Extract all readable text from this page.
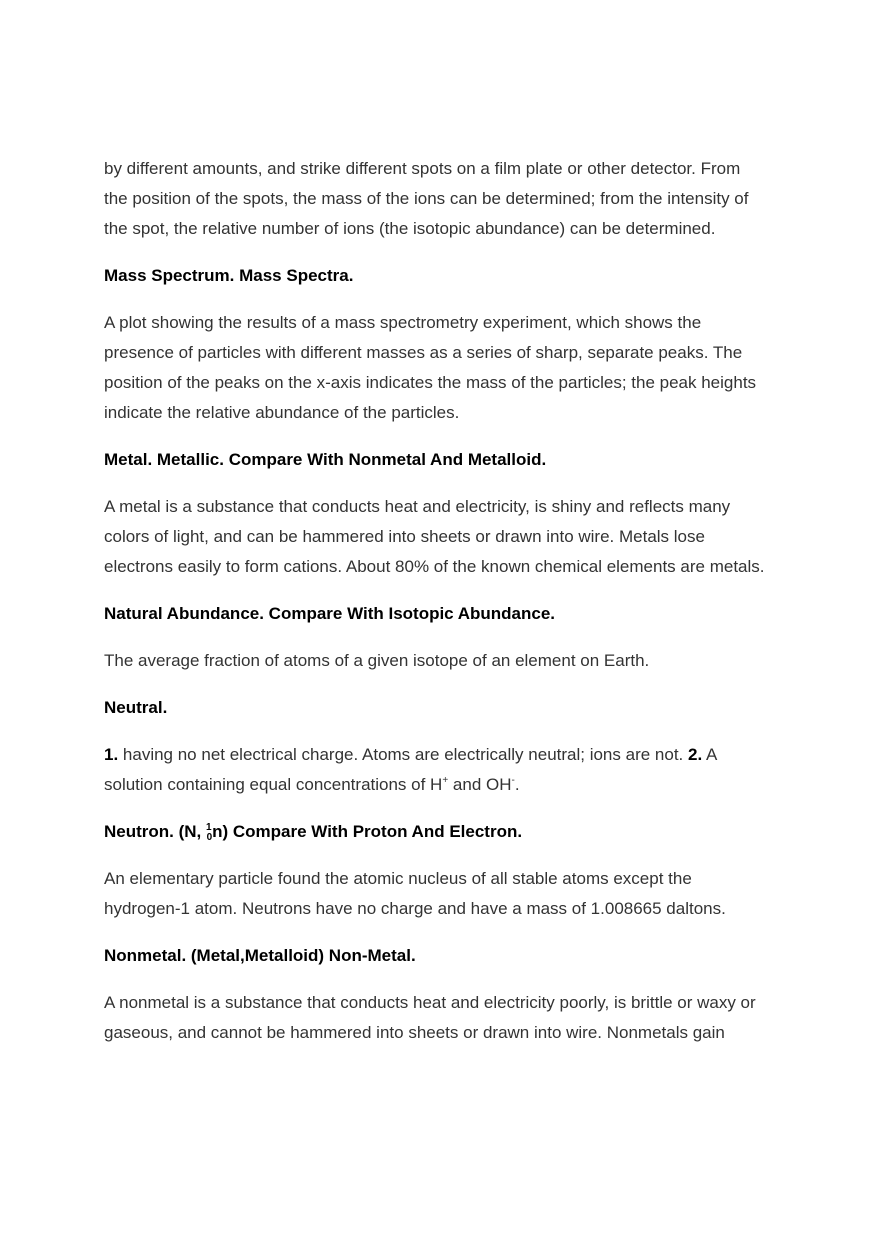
by different amounts, and strike different spots on a film plate or other detector. From
the position of the spots, the mass of the ions can be determined; from the intensity of
the spot, the relative number of ions (the isotopic abundance) can be determined.

Mass Spectrum. Mass Spectra.

A plot showing the results of a mass spectrometry experiment, which shows the
presence of particles with different masses as a series of sharp, separate peaks. The
position of the peaks on the x-axis indicates the mass of the particles; the peak heights
indicate the relative abundance of the particles.

Metal. Metallic. Compare With Nonmetal And Metalloid.

A metal is a substance that conducts heat and electricity, is shiny and reflects many
colors of light, and can be hammered into sheets or drawn into wire. Metals lose
electrons easily to form cations. About 80% of the known chemical elements are metals.

Natural Abundance. Compare With Isotopic Abundance.

The average fraction of atoms of a given isotope of an element on Earth.

Neutral.

1. having no net electrical charge. Atoms are electrically neutral; ions are not. 2. A
solution containing equal concentrations of H+ and OH-.

Neutron. (N, $^1_0$n) Compare With Proton And Electron.

An elementary particle found the atomic nucleus of all stable atoms except the
hydrogen-1 atom. Neutrons have no charge and have a mass of 1.008665 daltons.

Nonmetal. (Metal,Metalloid) Non-Metal.

A nonmetal is a substance that conducts heat and electricity poorly, is brittle or waxy or
gaseous, and cannot be hammered into sheets or drawn into wire. Nonmetals gain
